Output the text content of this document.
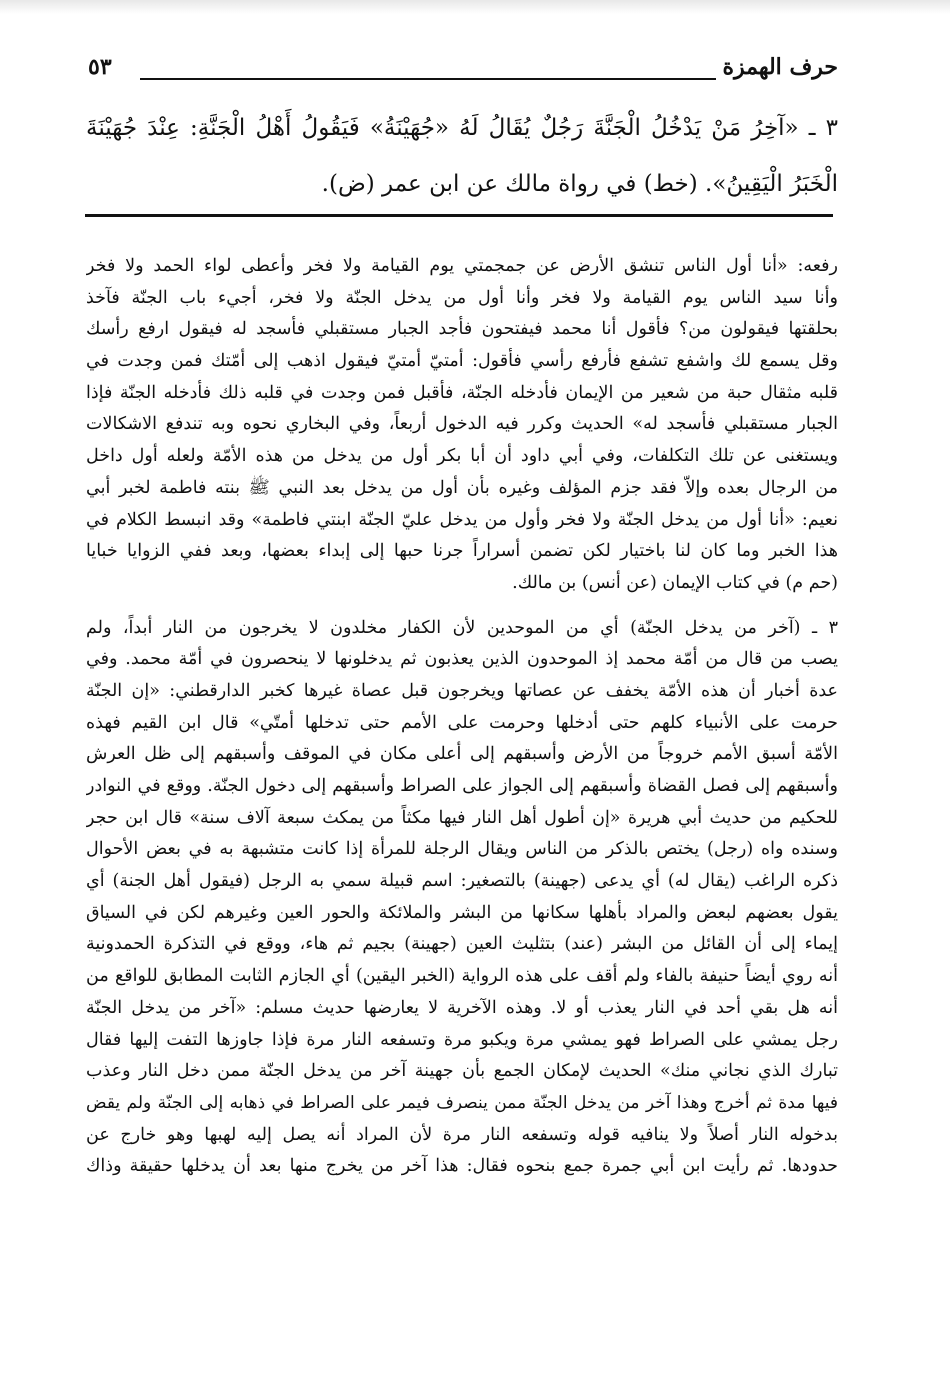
حرف الهمزة
٥٣
٣ ـ «آخِرُ مَنْ يَدْخُلُ الْجَنَّةَ رَجُلٌ يُقَالُ لَهُ «جُهَيْنَةُ» فَيَقُولُ أَهْلُ الْجَنَّةِ: عِنْدَ جُهَيْنَةَ
الْخَبَرُ الْيَقِينُ». (خط) في رواة مالك عن ابن عمر (ض).
رفعه: «أنا أول الناس تنشق الأرض عن جمجمتي يوم القيامة ولا فخر وأعطى لواء الحمد ولا فخر
وأنا سيد الناس يوم القيامة ولا فخر وأنا أول من يدخل الجنّة ولا فخر، أجيء باب الجنّة فآخذ
بحلقتها فيقولون من؟ فأقول أنا محمد فيفتحون فأجد الجبار مستقبلي فأسجد له فيقول ارفع رأسك
وقل يسمع لك واشفع تشفع فأرفع رأسي فأقول: أمتيّ أمتيّ فيقول اذهب إلى أمّتك فمن وجدت في
قلبه مثقال حبة من شعير من الإيمان فأدخله الجنّة، فأقبل فمن وجدت في قلبه ذلك فأدخله الجنّة فإذا
الجبار مستقبلي فأسجد له» الحديث وكرر فيه الدخول أربعاً، وفي البخاري نحوه وبه تندفع الاشكالات
ويستغنى عن تلك التكلفات، وفي أبي داود أن أبا بكر أول من يدخل من هذه الأمّة ولعله أول داخل
من الرجال بعده وإلاّ فقد جزم المؤلف وغيره بأن أول من يدخل بعد النبي ﷺ بنته فاطمة لخبر أبي
نعيم: «أنا أول من يدخل الجنّة ولا فخر وأول من يدخل عليّ الجنّة ابنتي فاطمة» وقد انبسط الكلام في
هذا الخبر وما كان لنا باختيار لكن تضمن أسراراً جرنا حبها إلى إبداء بعضها، وبعد ففي الزوايا خبايا
(حم م) في كتاب الإيمان (عن أنس) بن مالك.
٣ ـ (آخر من يدخل الجنّة) أي من الموحدين لأن الكفار مخلدون لا يخرجون من النار أبداً، ولم
يصب من قال من أمّة محمد إذ الموحدون الذين يعذبون ثم يدخلونها لا ينحصرون في أمّة محمد. وفي
عدة أخبار أن هذه الأمّة يخفف عن عصاتها ويخرجون قبل عصاة غيرها كخبر الدارقطني: «إن الجنّة
حرمت على الأنبياء كلهم حتى أدخلها وحرمت على الأمم حتى تدخلها أمتّي» قال ابن القيم فهذه
الأمّة أسبق الأمم خروجاً من الأرض وأسبقهم إلى أعلى مكان في الموقف وأسبقهم إلى ظل العرش
وأسبقهم إلى فصل القضاة وأسبقهم إلى الجواز على الصراط وأسبقهم إلى دخول الجنّة. ووقع في النوادر
للحكيم من حديث أبي هريرة «إن أطول أهل النار فيها مكثاً من يمكث سبعة آلاف سنة» قال ابن حجر
وسنده واه (رجل) يختص بالذكر من الناس ويقال الرجلة للمرأة إذا كانت متشبهة به في بعض الأحوال
ذكره الراغب (يقال له) أي يدعى (جهينة) بالتصغير: اسم قبيلة سمي به الرجل (فيقول أهل الجنة) أي
يقول بعضهم لبعض والمراد بأهلها سكانها من البشر والملائكة والحور العين وغيرهم لكن في السياق
إيماء إلى أن القائل من البشر (عند) بتثليث العين (جهينة) بجيم ثم هاء، ووقع في التذكرة الحمدونية
أنه روي أيضاً حنيفة بالفاء ولم أقف على هذه الرواية (الخبر اليقين) أي الجازم الثابت المطابق للواقع من
أنه هل بقي أحد في النار يعذب أو لا. وهذه الآخرية لا يعارضها حديث مسلم: «آخر من يدخل الجنّة
رجل يمشي على الصراط فهو يمشي مرة ويكبو مرة وتسفعه النار مرة فإذا جاوزها التفت إليها فقال
تبارك الذي نجاني منك» الحديث لإمكان الجمع بأن جهينة آخر من يدخل الجنّة ممن دخل النار وعذب
فيها مدة ثم أخرج وهذا آخر من يدخل الجنّة ممن ينصرف فيمر على الصراط في ذهابه إلى الجنّة ولم يقض
بدخوله النار أصلاً ولا ينافيه قوله وتسفعه النار مرة لأن المراد أنه يصل إليه لهبها وهو خارج عن
حدودها. ثم رأيت ابن أبي جمرة جمع بنحوه فقال: هذا آخر من يخرج منها بعد أن يدخلها حقيقة وذاك
